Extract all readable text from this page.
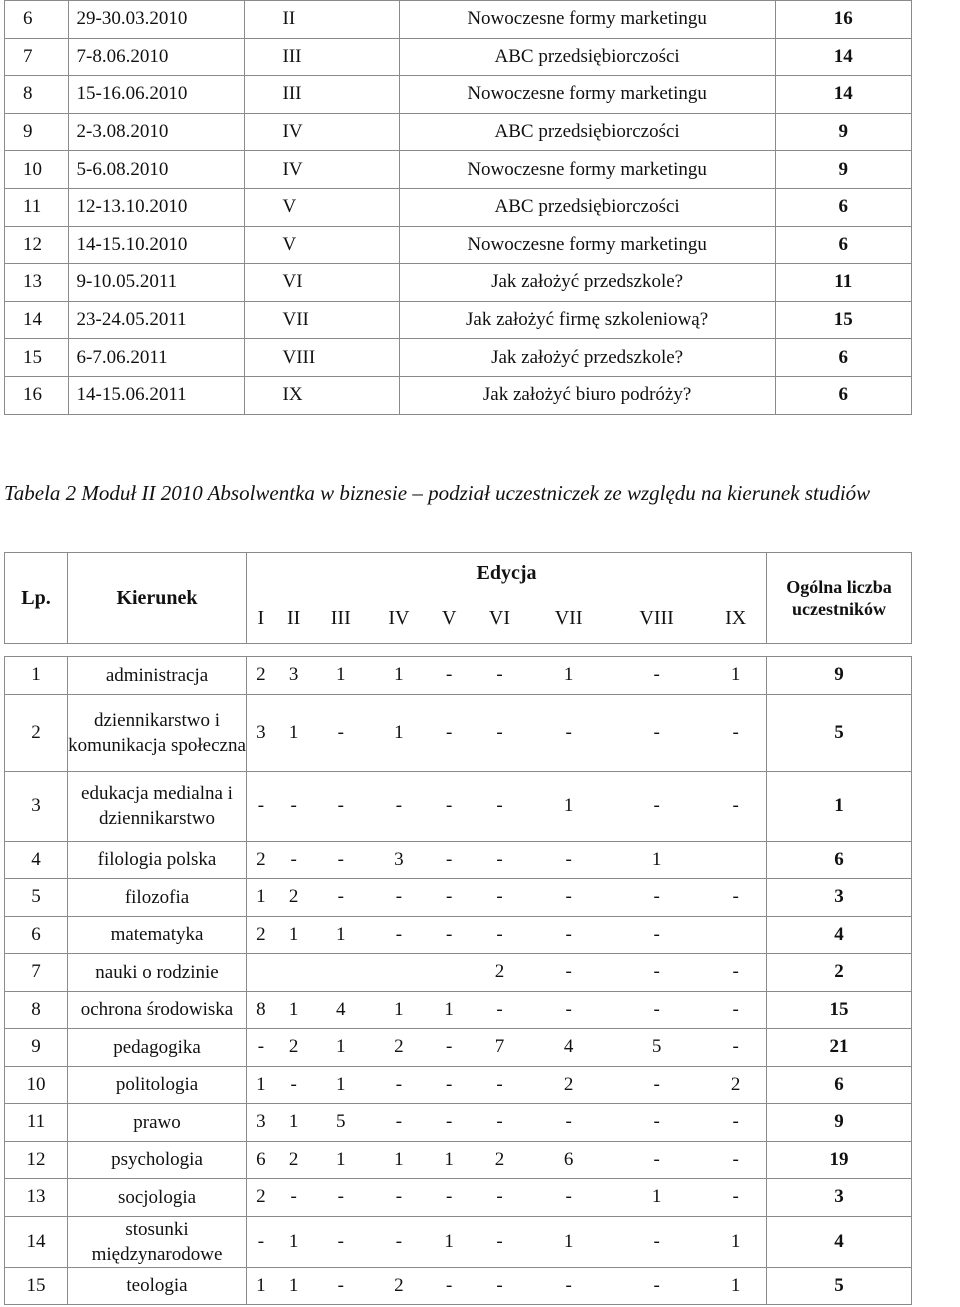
6	29-30.03.2010	II	Nowoczesne formy marketingu	16
7	7-8.06.2010	III	ABC przedsiębiorczości	14
8	15-16.06.2010	III	Nowoczesne formy marketingu	14
9	2-3.08.2010	IV	ABC przedsiębiorczości	9
10	5-6.08.2010	IV	Nowoczesne formy marketingu	9
11	12-13.10.2010	V	ABC przedsiębiorczości	6
12	14-15.10.2010	V	Nowoczesne formy marketingu	6
13	9-10.05.2011	VI	Jak założyć przedszkole?	11
14	23-24.05.2011	VII	Jak założyć firmę szkoleniową?	15
15	6-7.06.2011	VIII	Jak założyć przedszkole?	6
16	14-15.06.2011	IX	Jak założyć biuro podróży?	6

Tabela 2 Moduł II 2010 Absolwentka w biznesie – podział uczestniczek ze względu na kierunek studiów

Lp.	Kierunek	Edycja									Ogólna liczba uczestników
		I	II	III	IV	V	VI	VII	VIII	IX	

1	administracja	2	3	1	1	-	-	1	-	1	9
2	dziennikarstwo i komunikacja społeczna	3	1	-	1	-	-	-	-	-	5
3	edukacja medialna i dziennikarstwo	-	-	-	-	-	-	1	-	-	1
4	filologia polska	2	-	-	3	-	-	-	1		6
5	filozofia	1	2	-	-	-	-	-	-	-	3
6	matematyka	2	1	1	-	-	-	-	-		4
7	nauki o rodzinie						2	-	-	-	2
8	ochrona środowiska	8	1	4	1	1	-	-	-	-	15
9	pedagogika	-	2	1	2	-	7	4	5	-	21
10	politologia	1	-	1	-	-	-	2	-	2	6
11	prawo	3	1	5	-	-	-	-	-	-	9
12	psychologia	6	2	1	1	1	2	6	-	-	19
13	socjologia	2	-	-	-	-	-	-	1	-	3
14	stosunki międzynarodowe	-	1	-	-	1	-	1	-	1	4
15	teologia	1	1	-	2	-	-	-	-	1	5
